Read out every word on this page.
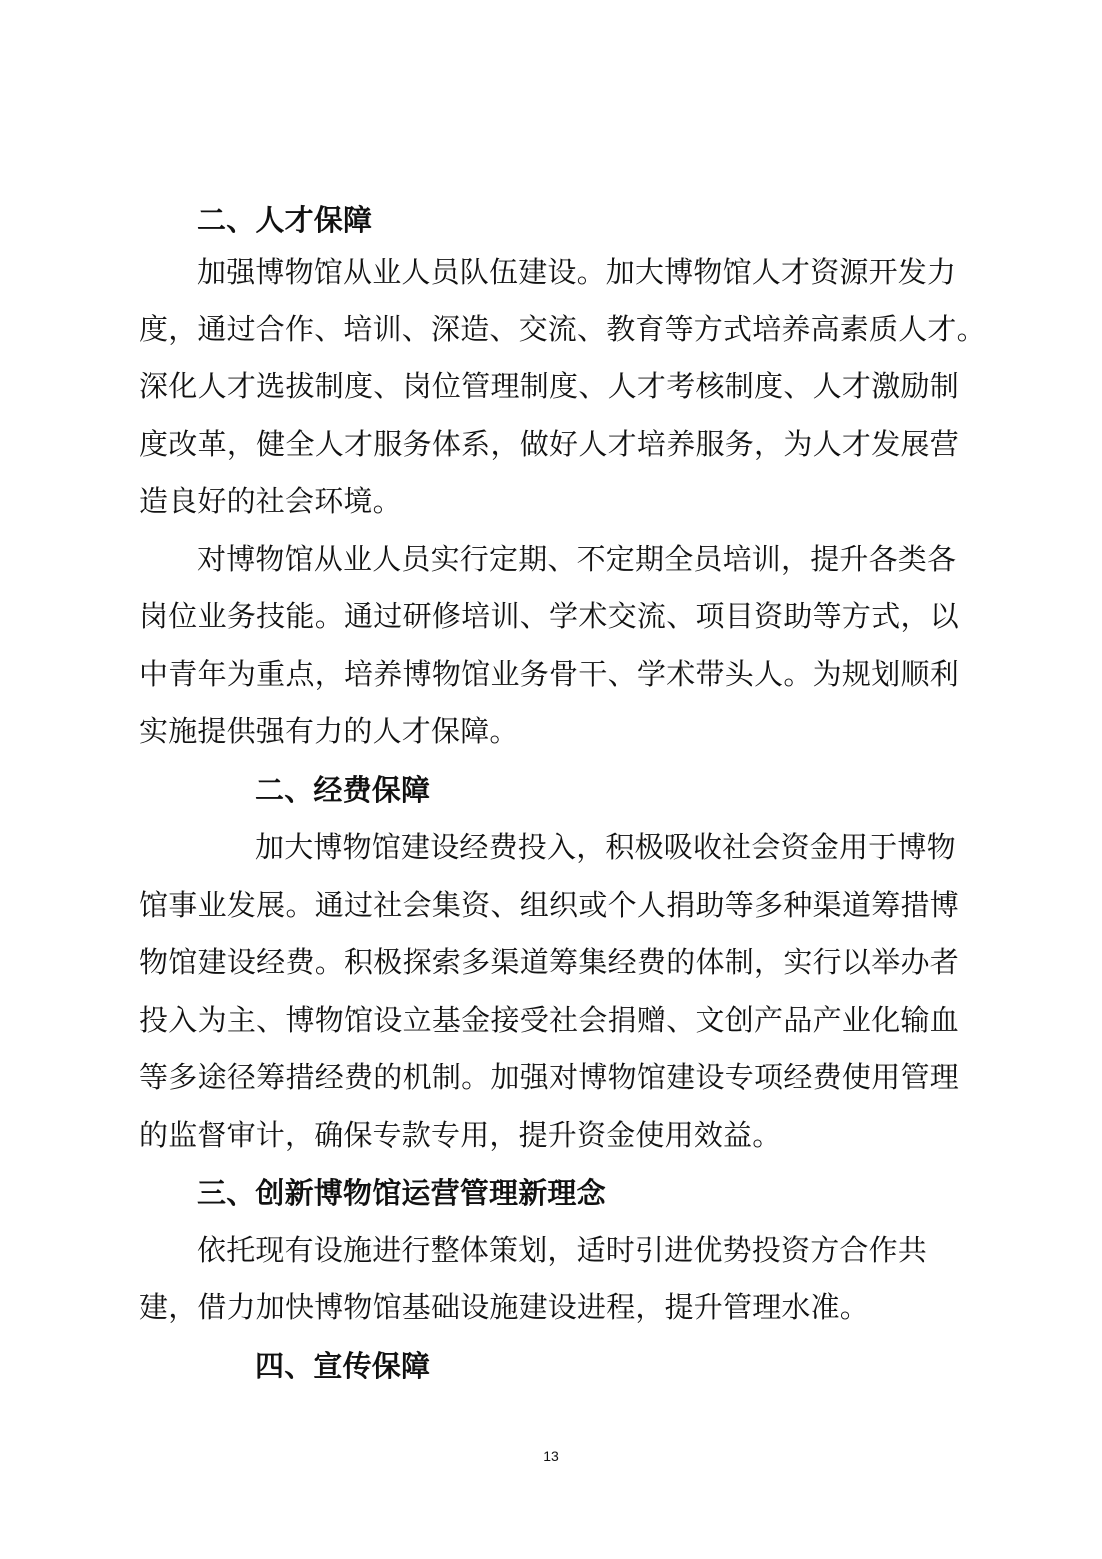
二、人才保障
加强博物馆从业人员队伍建设。加大博物馆人才资源开发力
度，通过合作、培训、深造、交流、教育等方式培养高素质人才。
深化人才选拔制度、岗位管理制度、人才考核制度、人才激励制
度改革，健全人才服务体系，做好人才培养服务，为人才发展营
造良好的社会环境。
对博物馆从业人员实行定期、不定期全员培训，提升各类各
岗位业务技能。通过研修培训、学术交流、项目资助等方式，以
中青年为重点，培养博物馆业务骨干、学术带头人。为规划顺利
实施提供强有力的人才保障。
二、经费保障
加大博物馆建设经费投入，积极吸收社会资金用于博物
馆事业发展。通过社会集资、组织或个人捐助等多种渠道筹措博
物馆建设经费。积极探索多渠道筹集经费的体制，实行以举办者
投入为主、博物馆设立基金接受社会捐赠、文创产品产业化输血
等多途径筹措经费的机制。加强对博物馆建设专项经费使用管理
的监督审计，确保专款专用，提升资金使用效益。
三、创新博物馆运营管理新理念
依托现有设施进行整体策划，适时引进优势投资方合作共
建，借力加快博物馆基础设施建设进程，提升管理水准。
四、宣传保障
13
